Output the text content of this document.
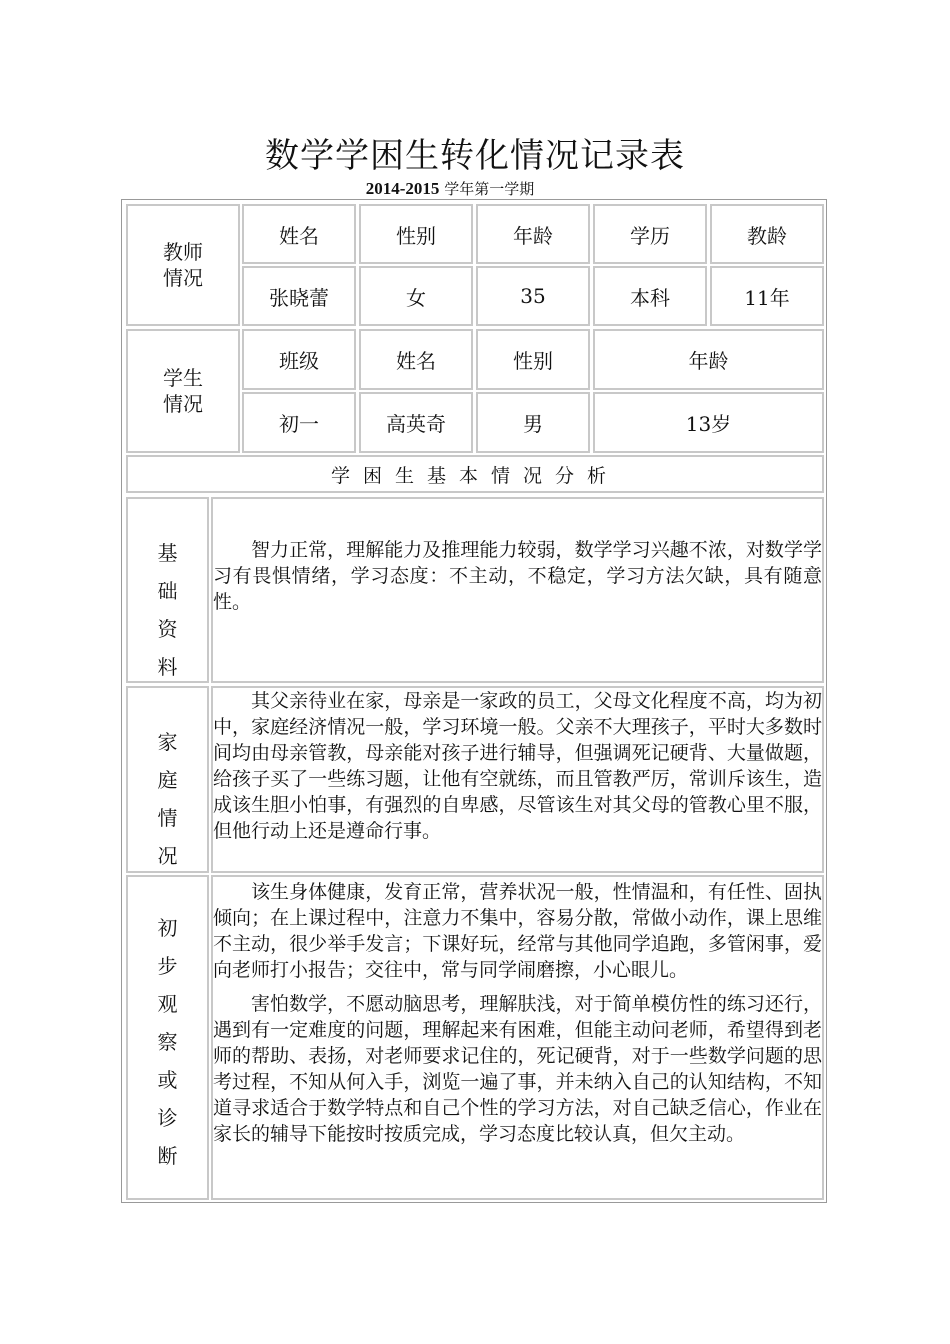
数学学困生转化情况记录表
2014-2015 学年第一学期
教师
情况
姓名	性别	年龄	学历	教龄
张晓蕾	女	35	本科	11年
学生
情况
班级	姓名	性别	年龄
初一	高英奇	男	13岁
学困生基本情况分析
基
础
资
料

智力正常，理解能力及推理能力较弱，数学学习兴趣不浓，对数学学习有畏惧情绪，学习态度：不主动，不稳定，学习方法欠缺，具有随意性。

家
庭
情
况

其父亲待业在家，母亲是一家政的员工，父母文化程度不高，均为初中，家庭经济情况一般，学习环境一般。父亲不大理孩子，平时大多数时间均由母亲管教，母亲能对孩子进行辅导，但强调死记硬背、大量做题，给孩子买了一些练习题，让他有空就练，而且管教严厉，常训斥该生，造成该生胆小怕事，有强烈的自卑感，尽管该生对其父母的管教心里不服，但他行动上还是遵命行事。

初
步
观
察
或
诊
断

该生身体健康，发育正常，营养状况一般，性情温和，有任性、固执倾向；在上课过程中，注意力不集中，容易分散，常做小动作，课上思维不主动，很少举手发言；下课好玩，经常与其他同学追跑，多管闲事，爱向老师打小报告；交往中，常与同学闹磨擦，小心眼儿。

害怕数学，不愿动脑思考，理解肤浅，对于简单模仿性的练习还行，遇到有一定难度的问题，理解起来有困难，但能主动问老师，希望得到老师的帮助、表扬，对老师要求记住的，死记硬背，对于一些数学问题的思考过程，不知从何入手，浏览一遍了事，并未纳入自己的认知结构，不知道寻求适合于数学特点和自己个性的学习方法，对自己缺乏信心，作业在家长的辅导下能按时按质完成，学习态度比较认真，但欠主动。
